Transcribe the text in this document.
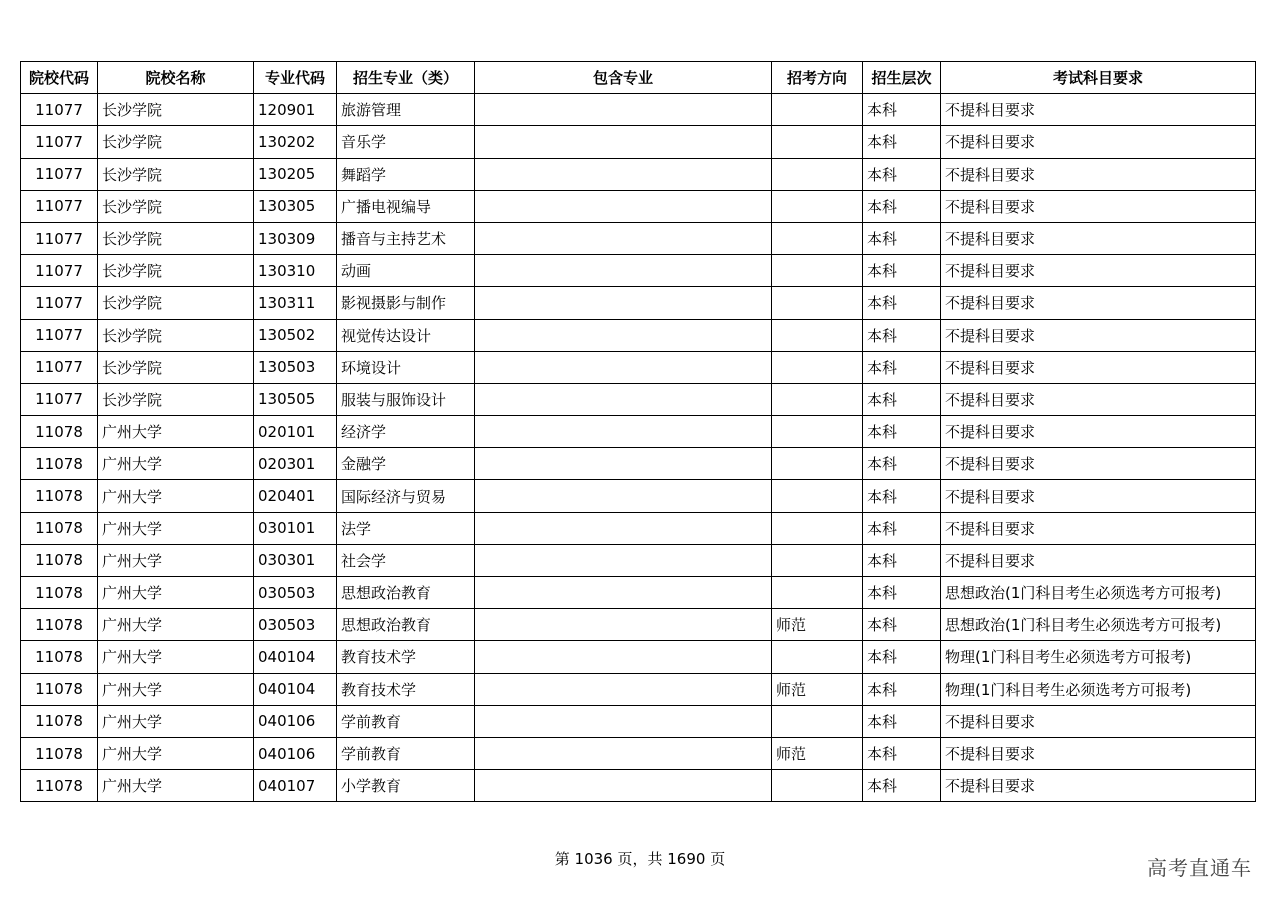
院校代码	院校名称	专业代码	招生专业（类）	包含专业	招考方向	招生层次	考试科目要求
11077	长沙学院	120901	旅游管理			本科	不提科目要求
11077	长沙学院	130202	音乐学			本科	不提科目要求
11077	长沙学院	130205	舞蹈学			本科	不提科目要求
11077	长沙学院	130305	广播电视编导			本科	不提科目要求
11077	长沙学院	130309	播音与主持艺术			本科	不提科目要求
11077	长沙学院	130310	动画			本科	不提科目要求
11077	长沙学院	130311	影视摄影与制作			本科	不提科目要求
11077	长沙学院	130502	视觉传达设计			本科	不提科目要求
11077	长沙学院	130503	环境设计			本科	不提科目要求
11077	长沙学院	130505	服装与服饰设计			本科	不提科目要求
11078	广州大学	020101	经济学			本科	不提科目要求
11078	广州大学	020301	金融学			本科	不提科目要求
11078	广州大学	020401	国际经济与贸易			本科	不提科目要求
11078	广州大学	030101	法学			本科	不提科目要求
11078	广州大学	030301	社会学			本科	不提科目要求
11078	广州大学	030503	思想政治教育			本科	思想政治(1门科目考生必须选考方可报考)
11078	广州大学	030503	思想政治教育		师范	本科	思想政治(1门科目考生必须选考方可报考)
11078	广州大学	040104	教育技术学			本科	物理(1门科目考生必须选考方可报考)
11078	广州大学	040104	教育技术学		师范	本科	物理(1门科目考生必须选考方可报考)
11078	广州大学	040106	学前教育			本科	不提科目要求
11078	广州大学	040106	学前教育		师范	本科	不提科目要求
11078	广州大学	040107	小学教育			本科	不提科目要求
第 1036 页，共 1690 页	高考直通车
